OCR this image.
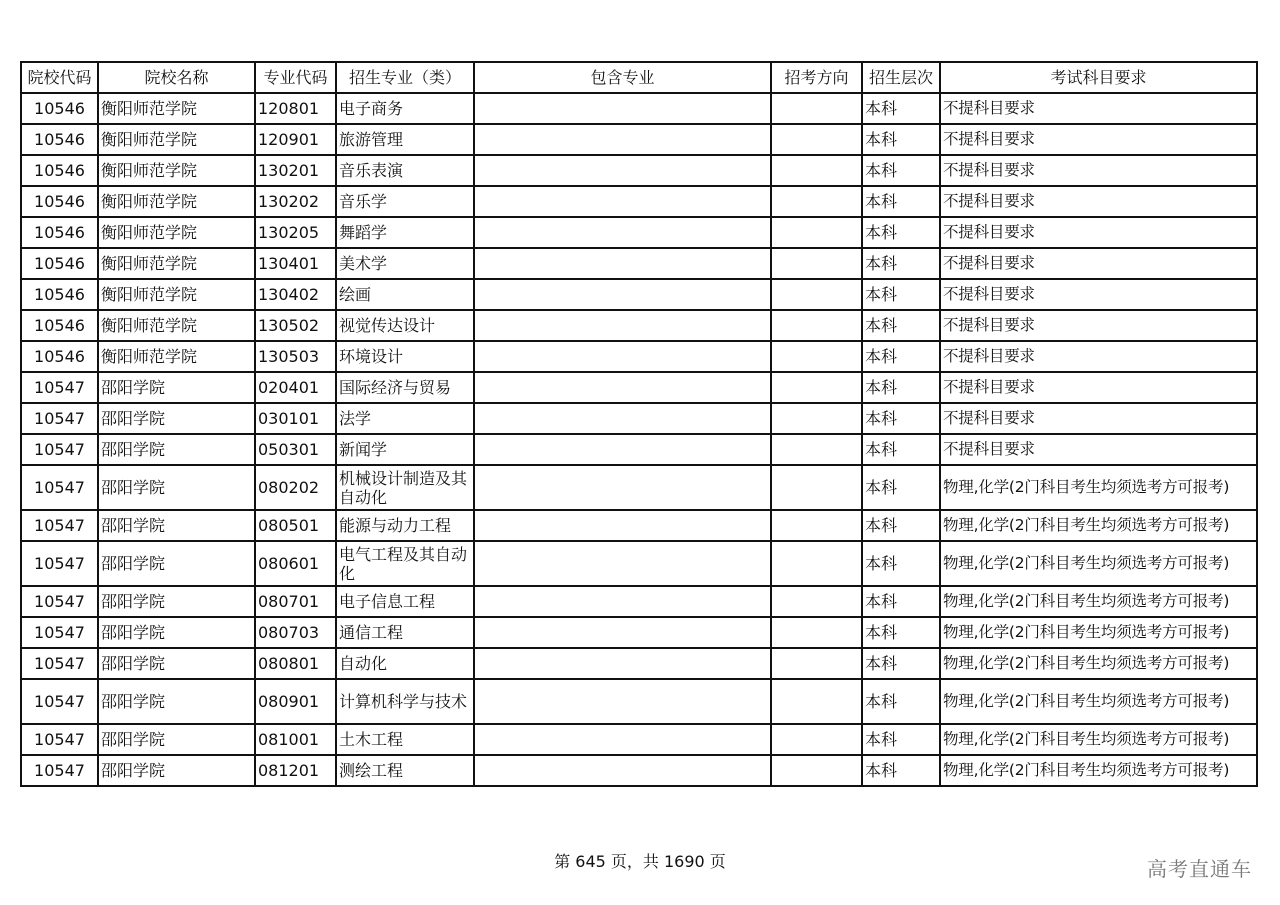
院校代码	院校名称	专业代码	招生专业（类）	包含专业	招考方向	招生层次	考试科目要求
10546	衡阳师范学院	120801	电子商务			本科	不提科目要求
10546	衡阳师范学院	120901	旅游管理			本科	不提科目要求
10546	衡阳师范学院	130201	音乐表演			本科	不提科目要求
10546	衡阳师范学院	130202	音乐学			本科	不提科目要求
10546	衡阳师范学院	130205	舞蹈学			本科	不提科目要求
10546	衡阳师范学院	130401	美术学			本科	不提科目要求
10546	衡阳师范学院	130402	绘画			本科	不提科目要求
10546	衡阳师范学院	130502	视觉传达设计			本科	不提科目要求
10546	衡阳师范学院	130503	环境设计			本科	不提科目要求
10547	邵阳学院	020401	国际经济与贸易			本科	不提科目要求
10547	邵阳学院	030101	法学			本科	不提科目要求
10547	邵阳学院	050301	新闻学			本科	不提科目要求
10547	邵阳学院	080202	机械设计制造及其自动化			本科	物理,化学(2门科目考生均须选考方可报考)
10547	邵阳学院	080501	能源与动力工程			本科	物理,化学(2门科目考生均须选考方可报考)
10547	邵阳学院	080601	电气工程及其自动化			本科	物理,化学(2门科目考生均须选考方可报考)
10547	邵阳学院	080701	电子信息工程			本科	物理,化学(2门科目考生均须选考方可报考)
10547	邵阳学院	080703	通信工程			本科	物理,化学(2门科目考生均须选考方可报考)
10547	邵阳学院	080801	自动化			本科	物理,化学(2门科目考生均须选考方可报考)
10547	邵阳学院	080901	计算机科学与技术			本科	物理,化学(2门科目考生均须选考方可报考)
10547	邵阳学院	081001	土木工程			本科	物理,化学(2门科目考生均须选考方可报考)
10547	邵阳学院	081201	测绘工程			本科	物理,化学(2门科目考生均须选考方可报考)
第 645 页，共 1690 页	高考直通车
